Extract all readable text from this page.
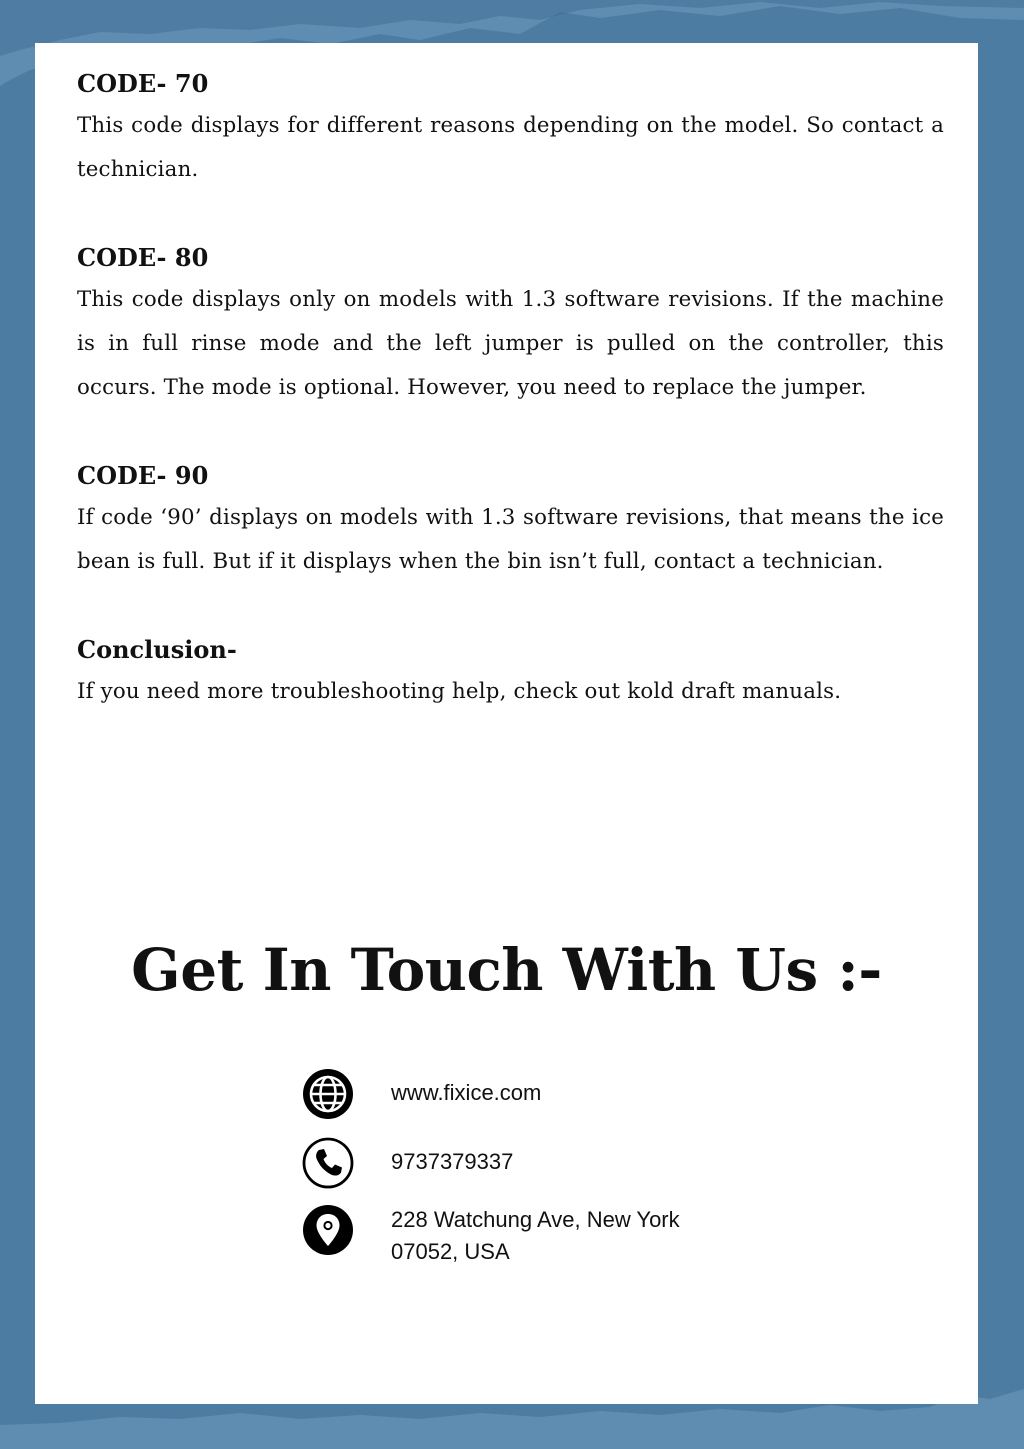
CODE- 70

This code displays for different reasons depending on the model. So contact a technician.

CODE- 80

This code displays only on models with 1.3 software revisions. If the machine is in full rinse mode and the left jumper is pulled on the controller, this occurs. The mode is optional. However, you need to replace the jumper.

CODE- 90

If code ‘90’ displays on models with 1.3 software revisions, that means the ice bean is full. But if it displays when the bin isn’t full, contact a technician.

Conclusion-

If you need more troubleshooting help, check out kold draft manuals.

Get In Touch With Us :-
www.fixice.com
9737379337
228 Watchung Ave, New York
07052, USA
